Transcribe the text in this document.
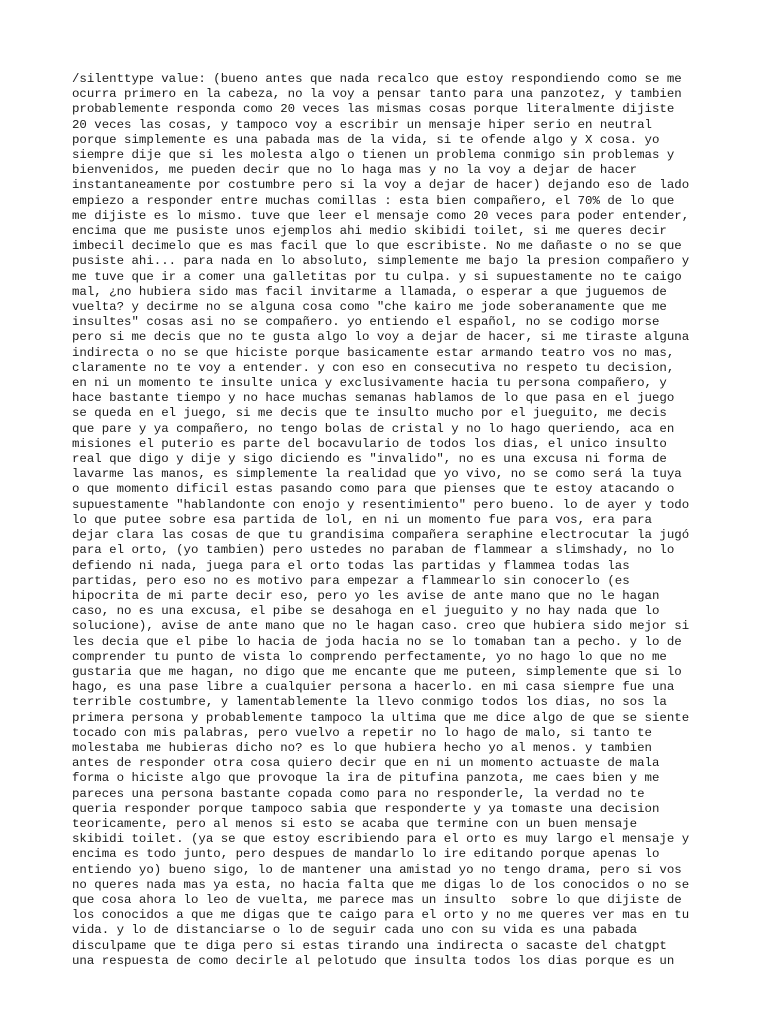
/silenttype value: (bueno antes que nada recalco que estoy respondiendo como se me
ocurra primero en la cabeza, no la voy a pensar tanto para una panzotez, y tambien
probablemente responda como 20 veces las mismas cosas porque literalmente dijiste
20 veces las cosas, y tampoco voy a escribir un mensaje hiper serio en neutral
porque simplemente es una pabada mas de la vida, si te ofende algo y X cosa. yo
siempre dije que si les molesta algo o tienen un problema conmigo sin problemas y
bienvenidos, me pueden decir que no lo haga mas y no la voy a dejar de hacer
instantaneamente por costumbre pero si la voy a dejar de hacer) dejando eso de lado
empiezo a responder entre muchas comillas : esta bien compañero, el 70% de lo que
me dijiste es lo mismo. tuve que leer el mensaje como 20 veces para poder entender,
encima que me pusiste unos ejemplos ahi medio skibidi toilet, si me queres decir
imbecil decimelo que es mas facil que lo que escribiste. No me dañaste o no se que
pusiste ahi... para nada en lo absoluto, simplemente me bajo la presion compañero y
me tuve que ir a comer una galletitas por tu culpa. y si supuestamente no te caigo
mal, ¿no hubiera sido mas facil invitarme a llamada, o esperar a que juguemos de
vuelta? y decirme no se alguna cosa como "che kairo me jode soberanamente que me
insultes" cosas asi no se compañero. yo entiendo el español, no se codigo morse
pero si me decis que no te gusta algo lo voy a dejar de hacer, si me tiraste alguna
indirecta o no se que hiciste porque basicamente estar armando teatro vos no mas,
claramente no te voy a entender. y con eso en consecutiva no respeto tu decision,
en ni un momento te insulte unica y exclusivamente hacia tu persona compañero, y
hace bastante tiempo y no hace muchas semanas hablamos de lo que pasa en el juego
se queda en el juego, si me decis que te insulto mucho por el jueguito, me decis
que pare y ya compañero, no tengo bolas de cristal y no lo hago queriendo, aca en
misiones el puterio es parte del bocavulario de todos los dias, el unico insulto
real que digo y dije y sigo diciendo es "invalido", no es una excusa ni forma de
lavarme las manos, es simplemente la realidad que yo vivo, no se como será la tuya
o que momento dificil estas pasando como para que pienses que te estoy atacando o
supuestamente "hablandonte con enojo y resentimiento" pero bueno. lo de ayer y todo
lo que putee sobre esa partida de lol, en ni un momento fue para vos, era para
dejar clara las cosas de que tu grandisima compañera seraphine electrocutar la jugó
para el orto, (yo tambien) pero ustedes no paraban de flammear a slimshady, no lo
defiendo ni nada, juega para el orto todas las partidas y flammea todas las
partidas, pero eso no es motivo para empezar a flammearlo sin conocerlo (es
hipocrita de mi parte decir eso, pero yo les avise de ante mano que no le hagan
caso, no es una excusa, el pibe se desahoga en el jueguito y no hay nada que lo
solucione), avise de ante mano que no le hagan caso. creo que hubiera sido mejor si
les decia que el pibe lo hacia de joda hacia no se lo tomaban tan a pecho. y lo de
comprender tu punto de vista lo comprendo perfectamente, yo no hago lo que no me
gustaria que me hagan, no digo que me encante que me puteen, simplemente que si lo
hago, es una pase libre a cualquier persona a hacerlo. en mi casa siempre fue una
terrible costumbre, y lamentablemente la llevo conmigo todos los dias, no sos la
primera persona y probablemente tampoco la ultima que me dice algo de que se siente
tocado con mis palabras, pero vuelvo a repetir no lo hago de malo, si tanto te
molestaba me hubieras dicho no? es lo que hubiera hecho yo al menos. y tambien
antes de responder otra cosa quiero decir que en ni un momento actuaste de mala
forma o hiciste algo que provoque la ira de pitufina panzota, me caes bien y me
pareces una persona bastante copada como para no responderle, la verdad no te
queria responder porque tampoco sabia que responderte y ya tomaste una decision
teoricamente, pero al menos si esto se acaba que termine con un buen mensaje
skibidi toilet. (ya se que estoy escribiendo para el orto es muy largo el mensaje y
encima es todo junto, pero despues de mandarlo lo ire editando porque apenas lo
entiendo yo) bueno sigo, lo de mantener una amistad yo no tengo drama, pero si vos
no queres nada mas ya esta, no hacia falta que me digas lo de los conocidos o no se
que cosa ahora lo leo de vuelta, me parece mas un insulto  sobre lo que dijiste de
los conocidos a que me digas que te caigo para el orto y no me queres ver mas en tu
vida. y lo de distanciarse o lo de seguir cada uno con su vida es una pabada
disculpame que te diga pero si estas tirando una indirecta o sacaste del chatgpt
una respuesta de como decirle al pelotudo que insulta todos los dias porque es un
